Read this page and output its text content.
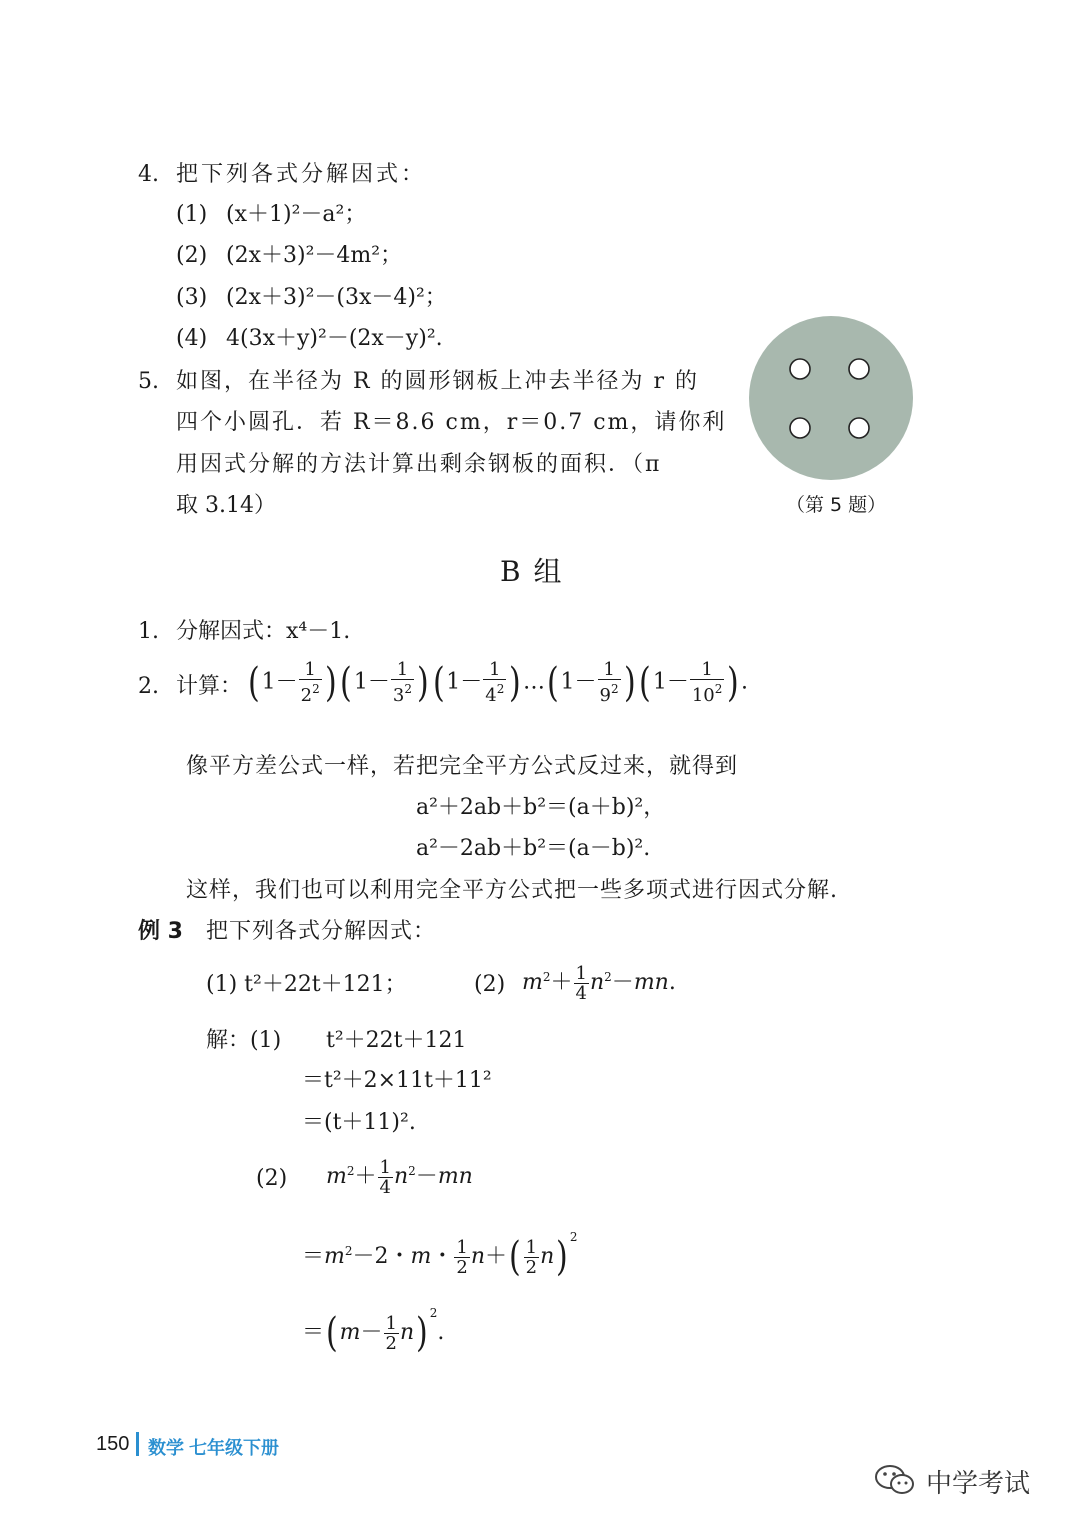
4. 把下列各式分解因式：
(1) (x＋1)²－a²；
(2) (2x＋3)²－4m²；
(3) (2x＋3)²－(3x－4)²；
(4) 4(3x＋y)²－(2x－y)².
5. 如图，在半径为 R 的圆形钢板上冲去半径为 r 的
四个小圆孔．若 R＝8.6 cm，r＝0.7 cm，请你利
用因式分解的方法计算出剩余钢板的面积．（π
取 3.14）	（第 5 题）
B 组
1. 分解因式：x⁴－1.
2. 计算： $(1- \frac{1}{2^2} )(1- \frac{1}{3^2} )(1- \frac{1}{4^2}$ )…(1－ $\frac{1}{9^2} )(1- \frac{1}{10^2}$ ).
像平方差公式一样，若把完全平方公式反过来，就得到
a²＋2ab＋b²＝(a＋b)²，
a²－2ab＋b²＝(a－b)².
这样，我们也可以利用完全平方公式把一些多项式进行因式分解.
例 3 把下列各式分解因式：
(1) t²＋22t＋121；	(2) $m^2+ \frac{1}{4} n^2-mn$.
解：(1) t²＋22t＋121
＝t²＋2×11t＋11²
＝(t＋11)².
(2) $m^2+ \frac{1}{4} n^2-mn$
$=m^2-2$・m・ $\frac{1}{2} n+( \frac{1}{2} n)$ $^2$
$=(m- \frac{1}{2} n)$ $^2$.
150 数学 七年级下册
中学考试
